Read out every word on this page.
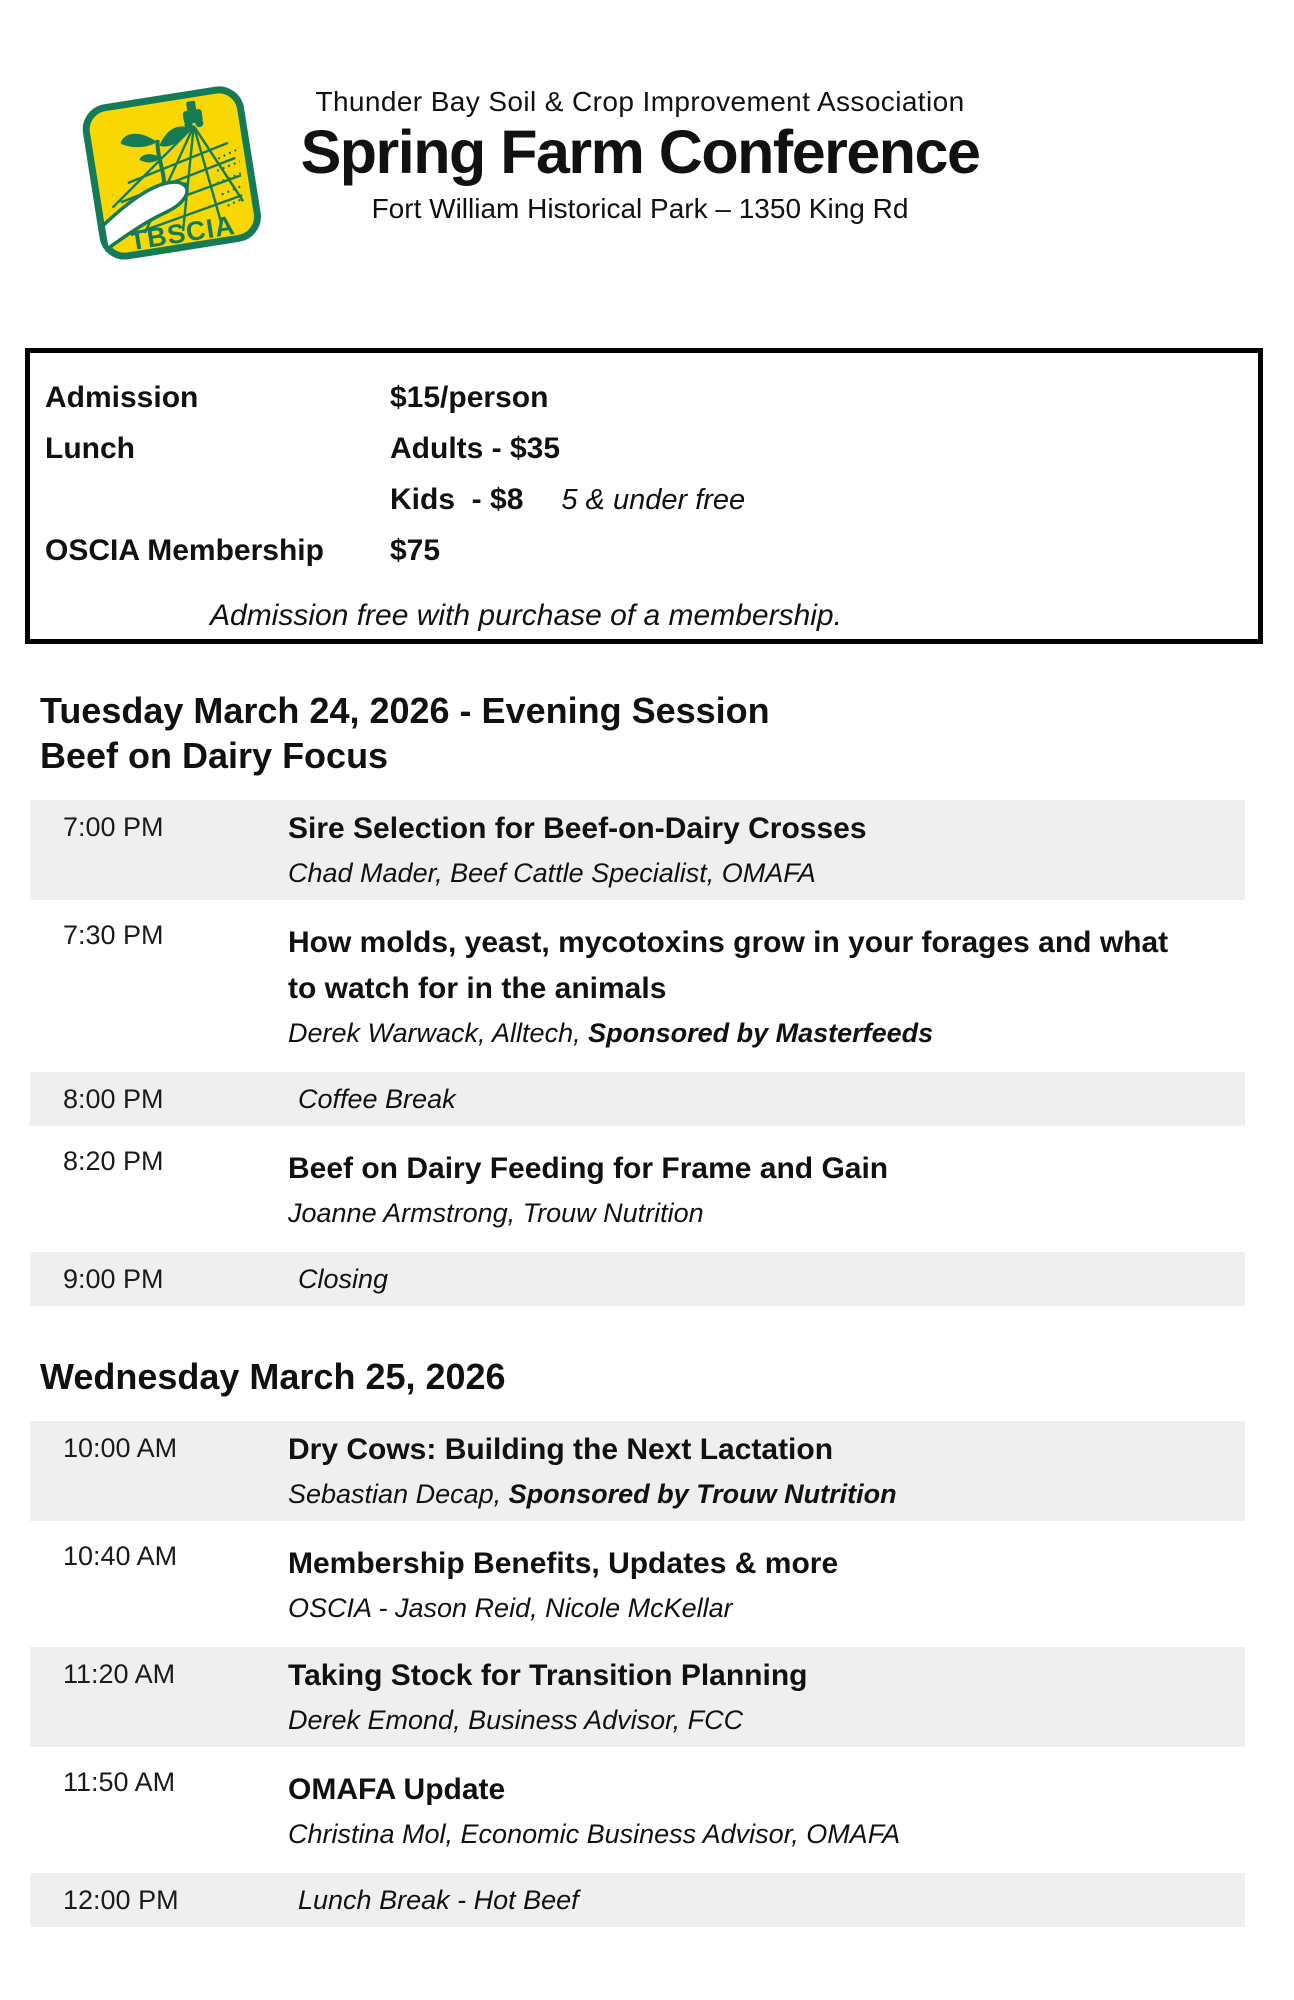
TBSCIA
Thunder Bay Soil & Crop Improvement Association
Spring Farm Conference
Fort William Historical Park – 1350 King Rd
Admission	$15/person
Lunch	Adults - $35
Kids  - $8 5 & under free
OSCIA Membership	$75
Admission free with purchase of a membership.
Tuesday March 24, 2026 - Evening Session
Beef on Dairy Focus
7:00 PM	Sire Selection for Beef-on-Dairy Crosses
Chad Mader, Beef Cattle Specialist, OMAFA
7:30 PM	How molds, yeast, mycotoxins grow in your forages and what to watch for in the animals
Derek Warwack, Alltech, Sponsored by Masterfeeds
8:00 PM	Coffee Break
8:20 PM	Beef on Dairy Feeding for Frame and Gain
Joanne Armstrong, Trouw Nutrition
9:00 PM	Closing
Wednesday March 25, 2026
10:00 AM	Dry Cows: Building the Next Lactation
Sebastian Decap, Sponsored by Trouw Nutrition
10:40 AM	Membership Benefits, Updates & more
OSCIA - Jason Reid, Nicole McKellar
11:20 AM	Taking Stock for Transition Planning
Derek Emond, Business Advisor, FCC
11:50 AM	OMAFA Update
Christina Mol, Economic Business Advisor, OMAFA
12:00 PM	Lunch Break - Hot Beef
